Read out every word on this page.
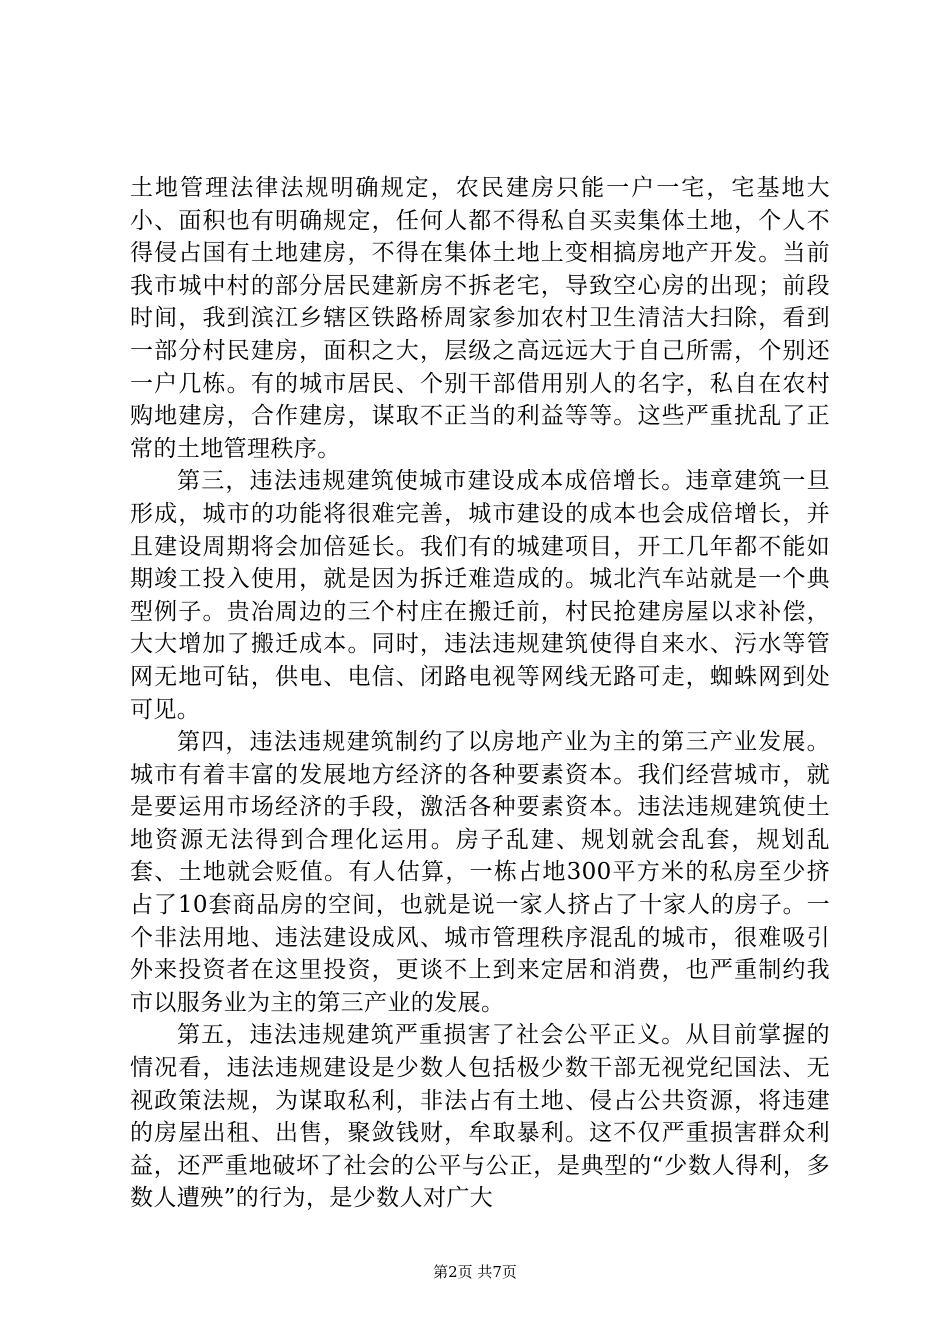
土地管理法律法规明确规定，农民建房只能一户一宅，宅基地大小、面积也有明确规定，任何人都不得私自买卖集体土地，个人不得侵占国有土地建房，不得在集体土地上变相搞房地产开发。当前我市城中村的部分居民建新房不拆老宅，导致空心房的出现；前段时间，我到滨江乡辖区铁路桥周家参加农村卫生清洁大扫除，看到一部分村民建房，面积之大，层级之高远远大于自己所需，个别还一户几栋。有的城市居民、个别干部借用别人的名字，私自在农村购地建房，合作建房，谋取不正当的利益等等。这些严重扰乱了正常的土地管理秩序。

第三，违法违规建筑使城市建设成本成倍增长。违章建筑一旦形成，城市的功能将很难完善，城市建设的成本也会成倍增长，并且建设周期将会加倍延长。我们有的城建项目，开工几年都不能如期竣工投入使用，就是因为拆迁难造成的。城北汽车站就是一个典型例子。贵冶周边的三个村庄在搬迁前，村民抢建房屋以求补偿，大大增加了搬迁成本。同时，违法违规建筑使得自来水、污水等管网无地可钻，供电、电信、闭路电视等网线无路可走，蜘蛛网到处可见。

第四，违法违规建筑制约了以房地产业为主的第三产业发展。城市有着丰富的发展地方经济的各种要素资本。我们经营城市，就是要运用市场经济的手段，激活各种要素资本。违法违规建筑使土地资源无法得到合理化运用。房子乱建、规划就会乱套，规划乱套、土地就会贬值。有人估算，一栋占地300平方米的私房至少挤占了10套商品房的空间，也就是说一家人挤占了十家人的房子。一个非法用地、违法建设成风、城市管理秩序混乱的城市，很难吸引外来投资者在这里投资，更谈不上到来定居和消费，也严重制约我市以服务业为主的第三产业的发展。

第五，违法违规建筑严重损害了社会公平正义。从目前掌握的情况看，违法违规建设是少数人包括极少数干部无视党纪国法、无视政策法规，为谋取私利，非法占有土地、侵占公共资源，将违建的房屋出租、出售，聚敛钱财，牟取暴利。这不仅严重损害群众利益，还严重地破坏了社会的公平与公正，是典型的“少数人得利，多数人遭殃”的行为，是少数人对广大

第2页 共7页
